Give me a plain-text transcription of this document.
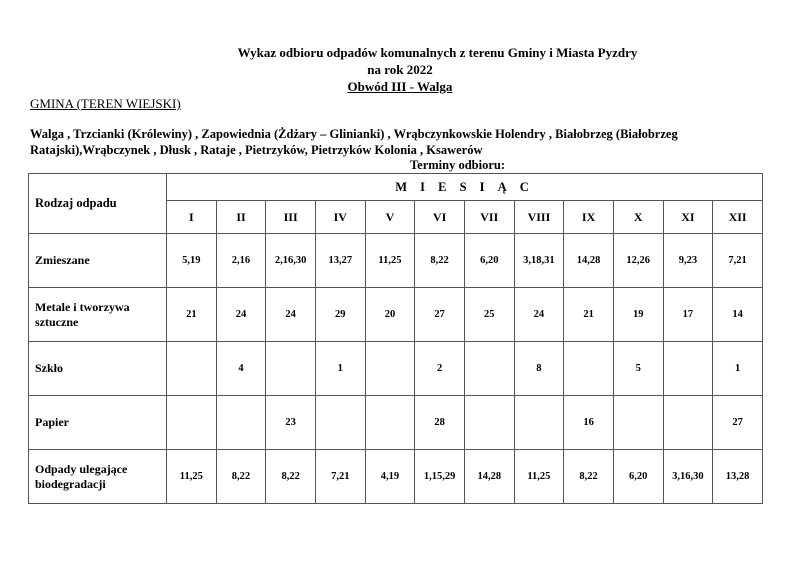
Wykaz odbioru odpadów komunalnych z terenu Gminy i Miasta Pyzdry
na rok 2022
Obwód III - Walga
GMINA (TEREN WIEJSKI)
Walga , Trzcianki (Królewiny) , Zapowiednia (Żdżary – Glinianki) , Wrąbczynkowskie Holendry , Białobrzeg (Białobrzeg
Ratajski),Wrąbczynek , Dłusk , Rataje , Pietrzyków, Pietrzyków Kolonia , Ksawerów
Terminy odbioru:
Rodzaj odpadu	M I E S I Ą C											
	I	II	III	IV	V	VI	VII	VIII	IX	X	XI	XII
Zmieszane	5,19	2,16	2,16,30	13,27	11,25	8,22	6,20	3,18,31	14,28	12,26	9,23	7,21
Metale i tworzywa sztuczne	21	24	24	29	20	27	25	24	21	19	17	14
Szkło		4		1		2		8		5		1
Papier			23			28			16			27
Odpady ulegające biodegradacji	11,25	8,22	8,22	7,21	4,19	1,15,29	14,28	11,25	8,22	6,20	3,16,30	13,28
